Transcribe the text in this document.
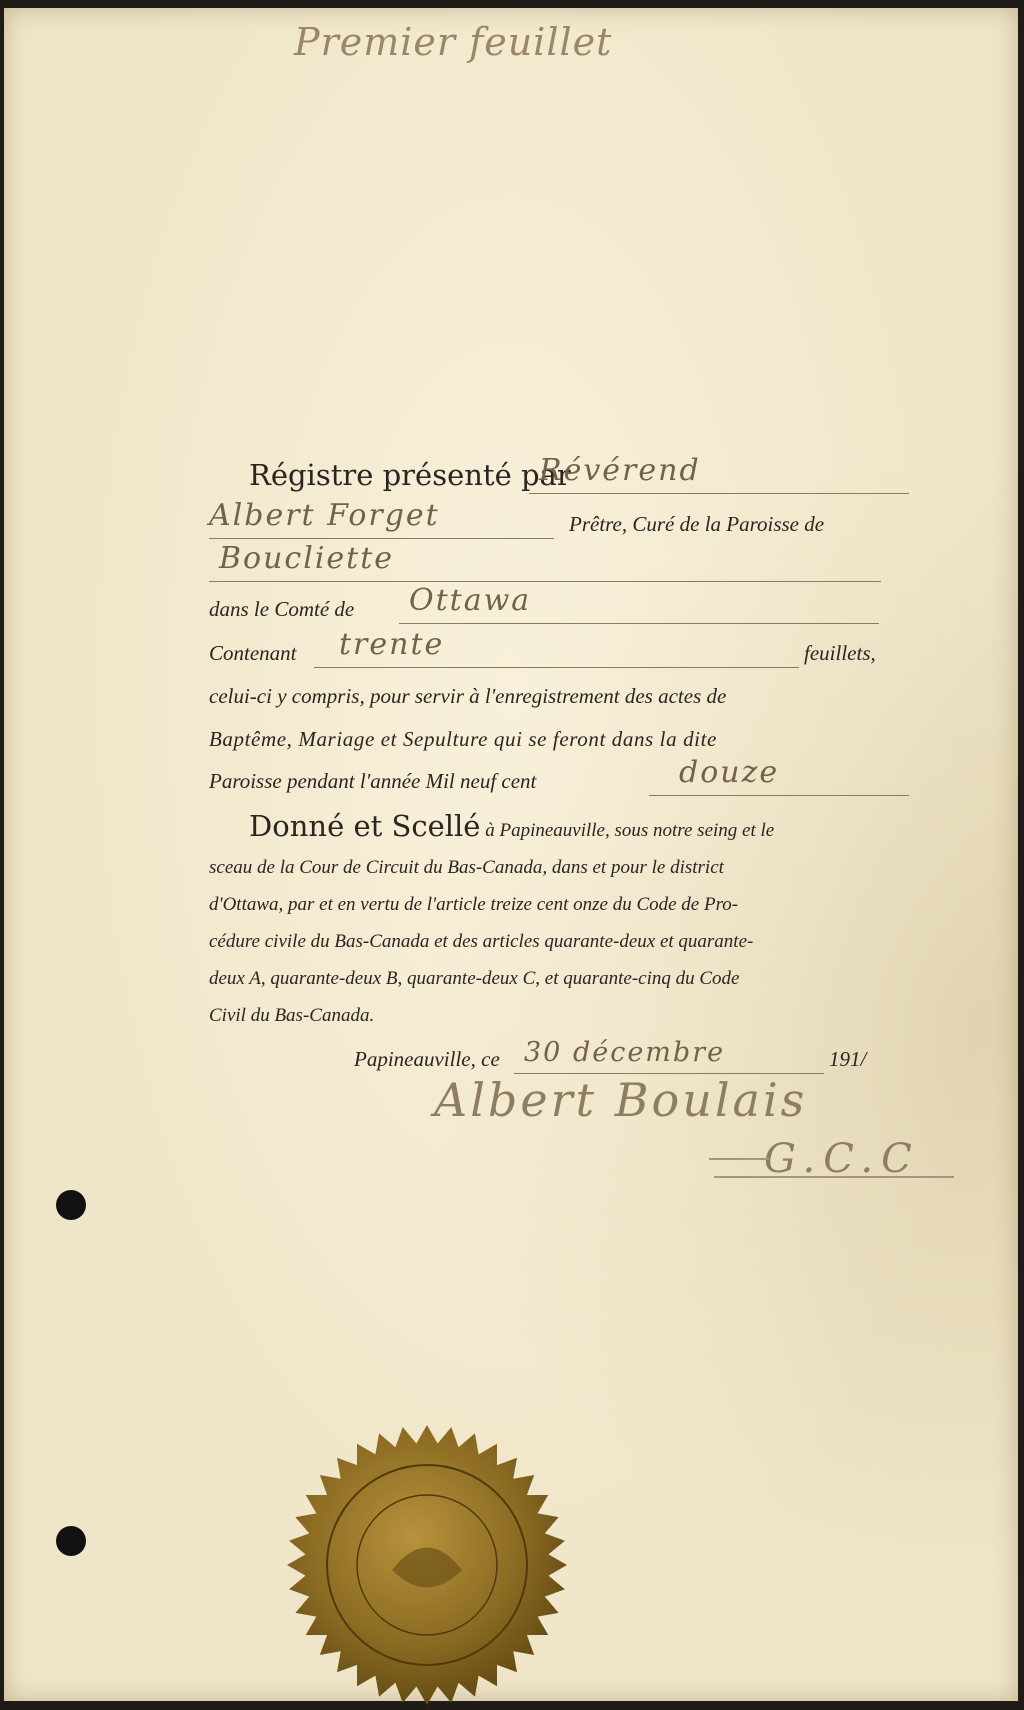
Premier feuillet
Régistre présenté par
Révérend
Albert Forget	Prêtre, Curé de la Paroisse de
Boucliette
dans le Comté de Ottawa
Contenant trente	feuillets,
celui-ci y compris, pour servir à l'enregistrement des actes de
Baptême, Mariage et Sepulture qui se feront dans la dite
Paroisse pendant l'année Mil neuf cent	douze
Donné et Scellé à Papineauville, sous notre seing et le
sceau de la Cour de Circuit du Bas-Canada, dans et pour le district
d'Ottawa, par et en vertu de l'article treize cent onze du Code de Pro-
cédure civile du Bas-Canada et des articles quarante-deux et quarante-
deux A, quarante-deux B, quarante-deux C, et quarante-cinq du Code
Civil du Bas-Canada.
Papineauville, ce 30 décembre	191/
Albert Boulais
G.C.C
